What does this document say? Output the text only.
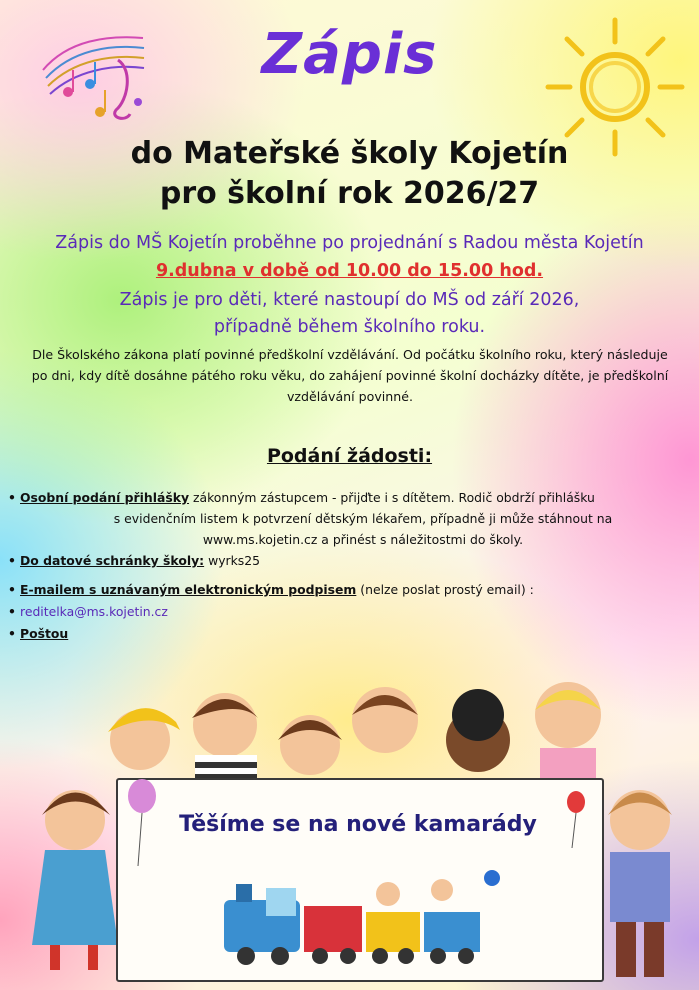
Zápis
do Mateřské školy Kojetín
pro školní rok 2026/27
Zápis do MŠ Kojetín proběhne po projednání s Radou města Kojetín
9.dubna v době od 10.00 do 15.00 hod.
Zápis je pro děti, které nastoupí do MŠ od září 2026,
případně během školního roku.
Dle Školského zákona platí povinné předškolní vzdělávání. Od počátku školního roku, který následuje po dni, kdy dítě dosáhne pátého roku věku, do zahájení povinné školní docházky dítěte, je předškolní vzdělávání povinné.
Podání žádosti:
• Osobní podání přihlášky zákonným zástupcem - přijďte i s dítětem. Rodič obdrží přihlášku
s evidenčním listem k potvrzení dětským lékařem, případně ji může stáhnout na
www.ms.kojetin.cz a přinést s náležitostmi do školy.
• Do datové schránky školy: wyrks25
• E-mailem s uznávaným elektronickým podpisem (nelze poslat prostý email) :
• reditelka@ms.kojetin.cz
• Poštou
Těšíme se na nové kamarády
